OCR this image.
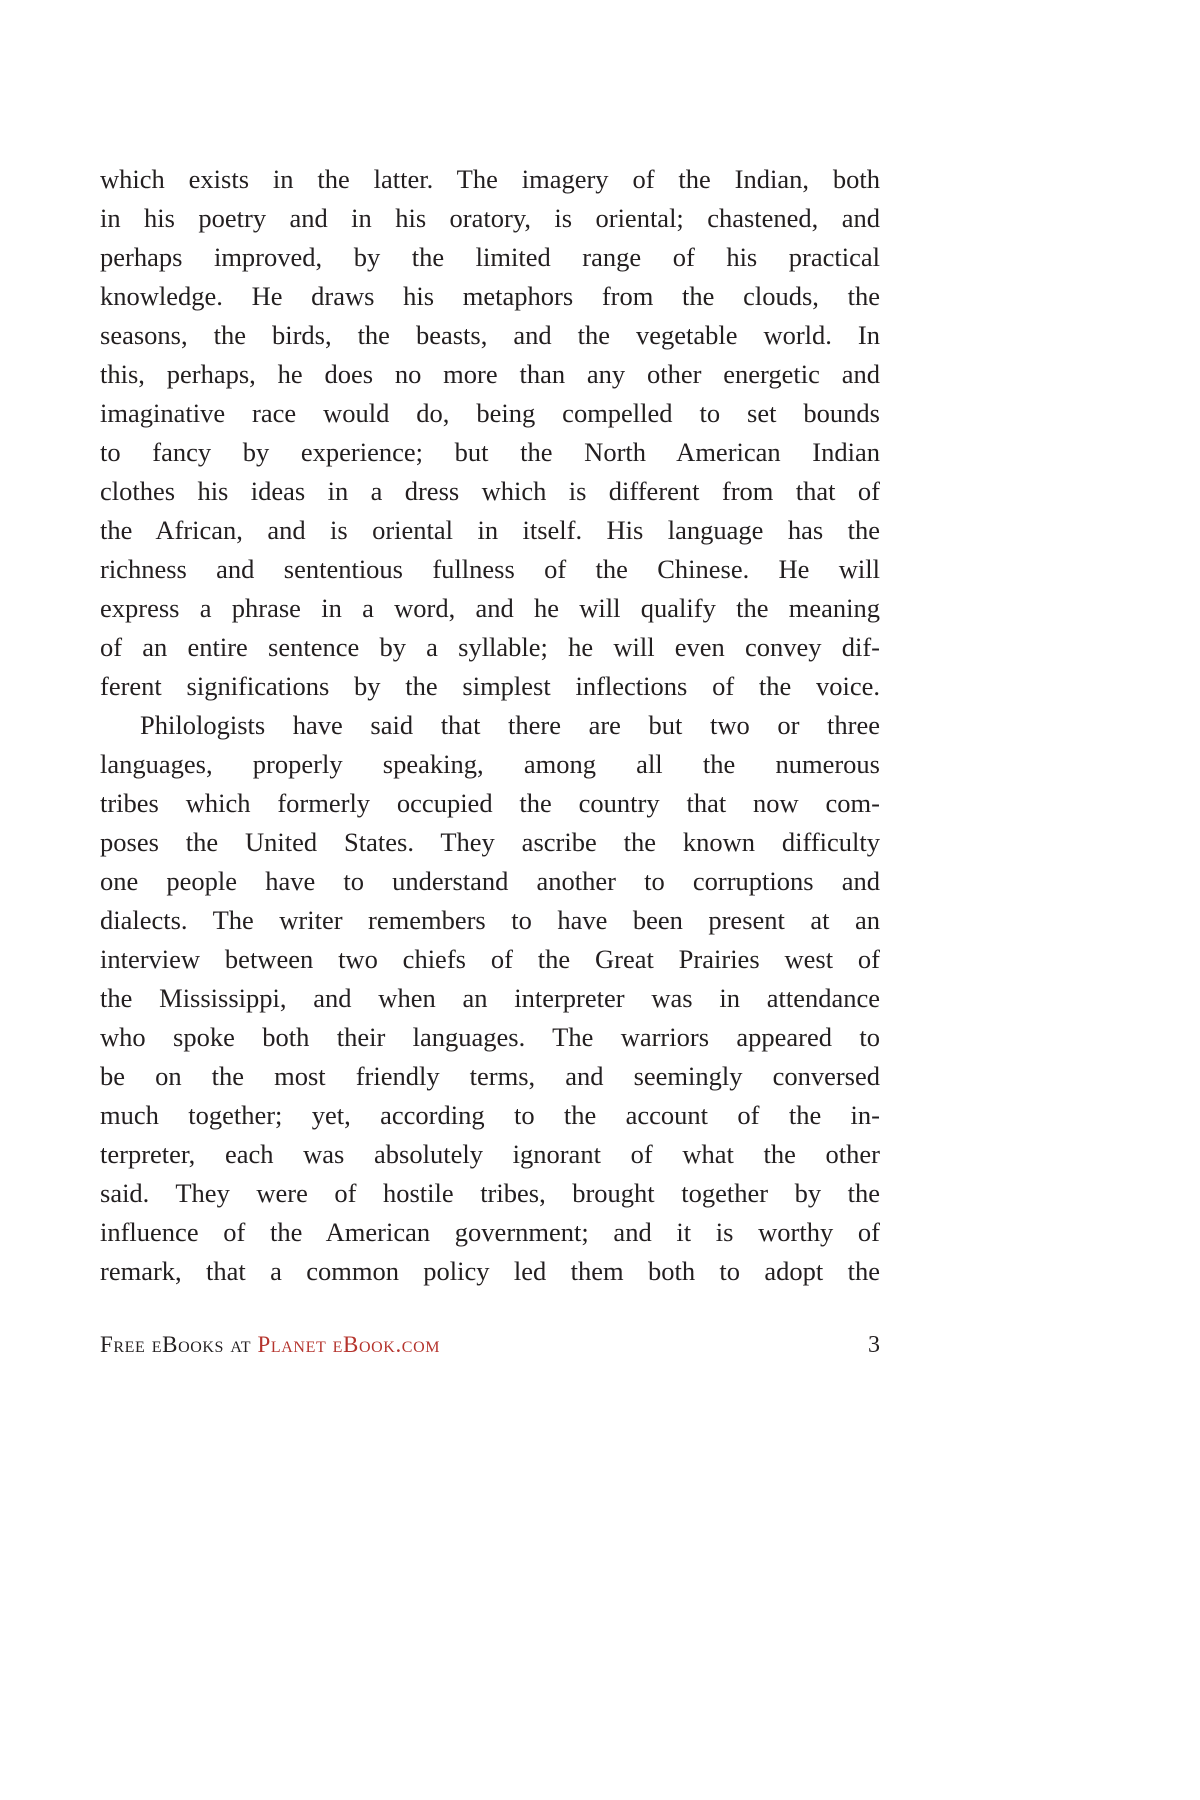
which exists in the latter. The imagery of the Indian, both
in his poetry and in his oratory, is oriental; chastened, and
perhaps improved, by the limited range of his practical
knowledge. He draws his metaphors from the clouds, the
seasons, the birds, the beasts, and the vegetable world. In
this, perhaps, he does no more than any other energetic and
imaginative race would do, being compelled to set bounds
to fancy by experience; but the North American Indian
clothes his ideas in a dress which is different from that of
the African, and is oriental in itself. His language has the
richness and sententious fullness of the Chinese. He will
express a phrase in a word, and he will qualify the meaning
of an entire sentence by a syllable; he will even convey dif-
ferent significations by the simplest inflections of the voice.
Philologists have said that there are but two or three
languages, properly speaking, among all the numerous
tribes which formerly occupied the country that now com-
poses the United States. They ascribe the known difficulty
one people have to understand another to corruptions and
dialects. The writer remembers to have been present at an
interview between two chiefs of the Great Prairies west of
the Mississippi, and when an interpreter was in attendance
who spoke both their languages. The warriors appeared to
be on the most friendly terms, and seemingly conversed
much together; yet, according to the account of the in-
terpreter, each was absolutely ignorant of what the other
said. They were of hostile tribes, brought together by the
influence of the American government; and it is worthy of
remark, that a common policy led them both to adopt the
Free eBooks at Planet eBook.com	3
